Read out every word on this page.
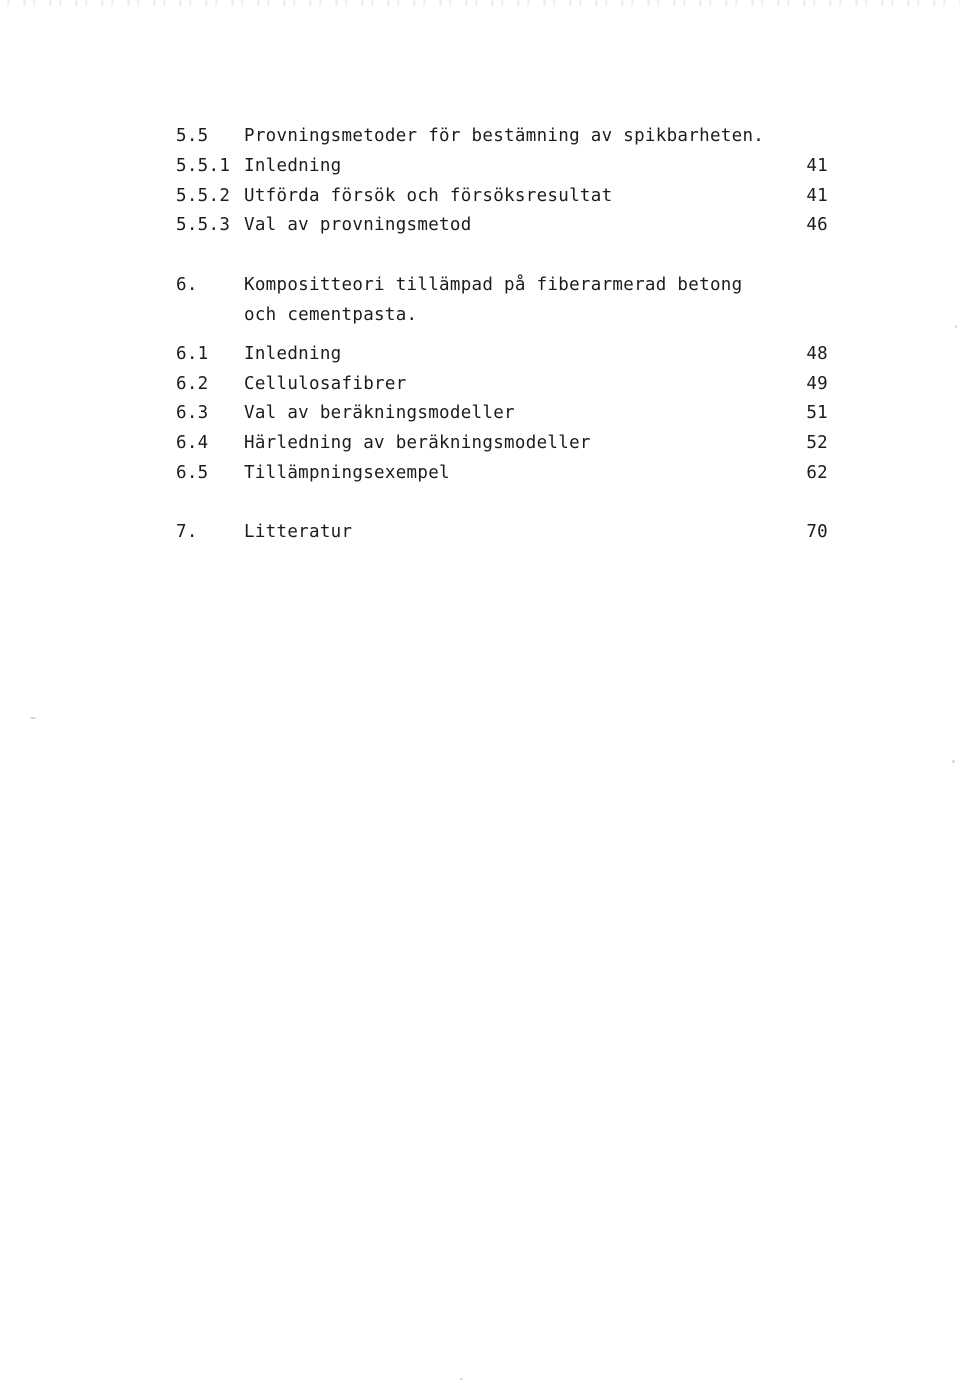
5.5 Provningsmetoder för bestämning av spikbarheten.
5.5.1 Inledning	41
5.5.2 Utförda försök och försöksresultat	41
5.5.3 Val av provningsmetod	46
6.	Kompositteori tillämpad på fiberarmerad betong
och cementpasta.
6.1 Inledning	48
6.2 Cellulosafibrer	49
6.3 Val av beräkningsmodeller	51
6.4 Härledning av beräkningsmodeller	52
6.5 Tillämpningsexempel	62
7.	Litteratur	70
